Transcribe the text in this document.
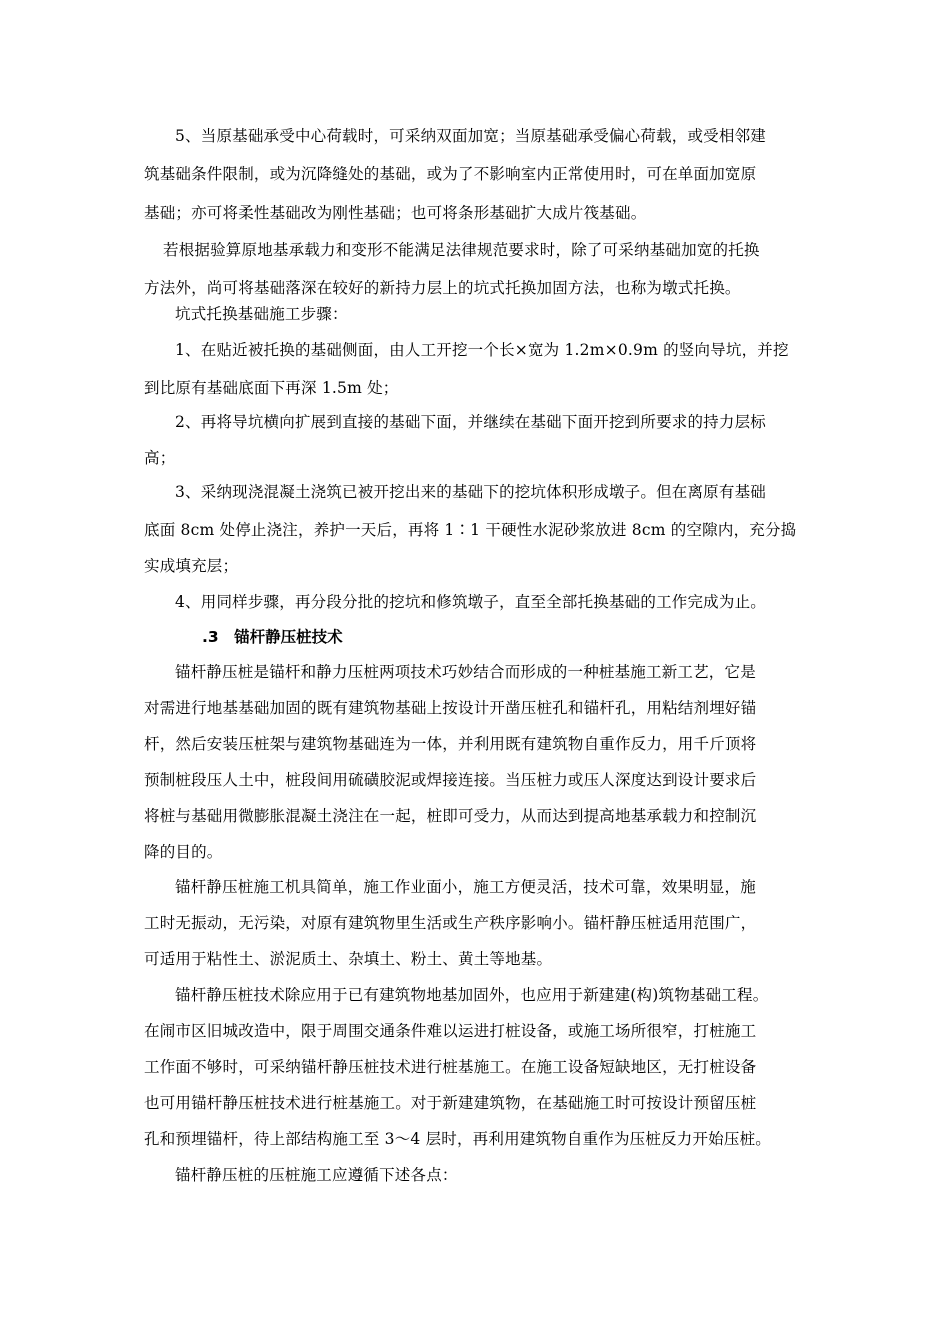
5、当原基础承受中心荷载时，可采纳双面加宽；当原基础承受偏心荷载，或受相邻建
筑基础条件限制，或为沉降缝处的基础，或为了不影响室内正常使用时，可在单面加宽原
基础；亦可将柔性基础改为刚性基础；也可将条形基础扩大成片筏基础。
若根据验算原地基承载力和变形不能满足法律规范要求时，除了可采纳基础加宽的托换
方法外，尚可将基础落深在较好的新持力层上的坑式托换加固方法，也称为墩式托换。
坑式托换基础施工步骤：
1、在贴近被托换的基础侧面，由人工开挖一个长×宽为 1.2m×0.9m 的竖向导坑，并挖
到比原有基础底面下再深 1.5m 处；
2、再将导坑横向扩展到直接的基础下面，并继续在基础下面开挖到所要求的持力层标
高；
3、采纳现浇混凝土浇筑已被开挖出来的基础下的挖坑体积形成墩子。但在离原有基础
底面 8cm 处停止浇注，养护一天后，再将 1∶1 干硬性水泥砂浆放进 8cm 的空隙内，充分捣
实成填充层；
4、用同样步骤，再分段分批的挖坑和修筑墩子，直至全部托换基础的工作完成为止。
.3　锚杆静压桩技术
锚杆静压桩是锚杆和静力压桩两项技术巧妙结合而形成的一种桩基施工新工艺，它是
对需进行地基基础加固的既有建筑物基础上按设计开凿压桩孔和锚杆孔，用粘结剂埋好锚
杆，然后安装压桩架与建筑物基础连为一体，并利用既有建筑物自重作反力，用千斤顶将
预制桩段压人土中，桩段间用硫磺胶泥或焊接连接。当压桩力或压人深度达到设计要求后
将桩与基础用微膨胀混凝土浇注在一起，桩即可受力，从而达到提高地基承载力和控制沉
降的目的。
锚杆静压桩施工机具简单，施工作业面小，施工方便灵活，技术可靠，效果明显，施
工时无振动，无污染，对原有建筑物里生活或生产秩序影响小。锚杆静压桩适用范围广，
可适用于粘性土、淤泥质土、杂填土、粉土、黄土等地基。
锚杆静压桩技术除应用于已有建筑物地基加固外，也应用于新建建(构)筑物基础工程。
在闹市区旧城改造中，限于周围交通条件难以运进打桩设备，或施工场所很窄，打桩施工
工作面不够时，可采纳锚杆静压桩技术进行桩基施工。在施工设备短缺地区，无打桩设备
也可用锚杆静压桩技术进行桩基施工。对于新建建筑物，在基础施工时可按设计预留压桩
孔和预埋锚杆，待上部结构施工至 3～4 层时，再利用建筑物自重作为压桩反力开始压桩。
锚杆静压桩的压桩施工应遵循下述各点：
